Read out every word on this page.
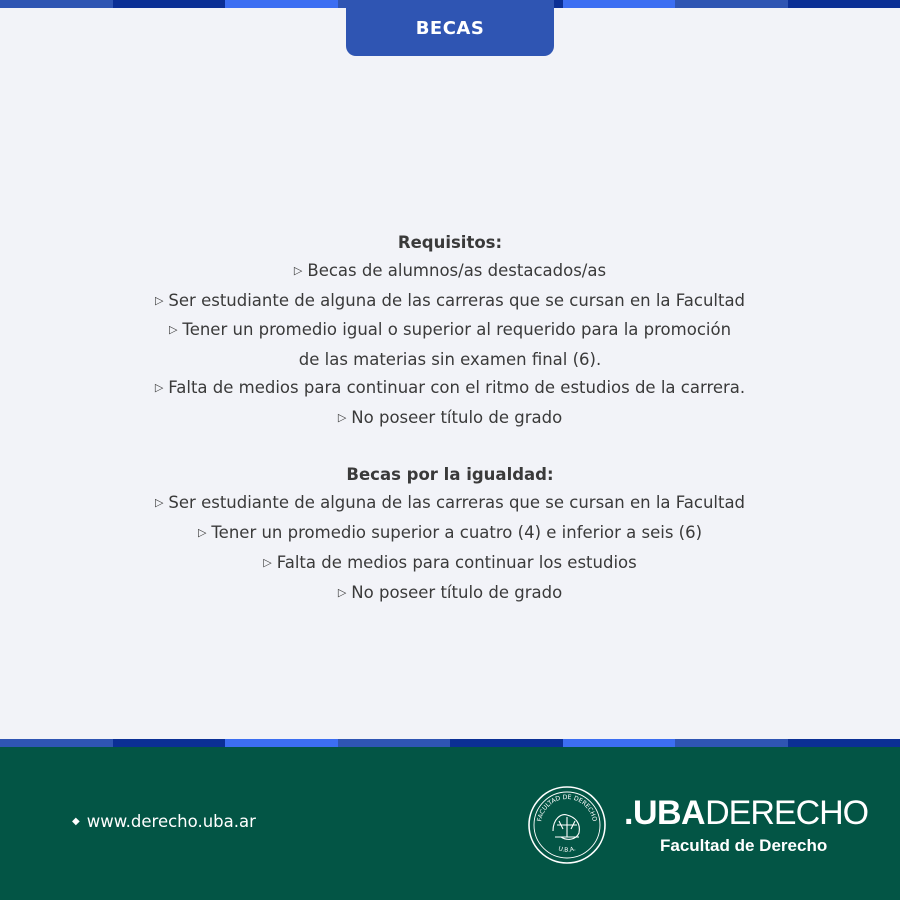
BECAS
Requisitos:
▷ Becas de alumnos/as destacados/as
▷ Ser estudiante de alguna de las carreras que se cursan en la Facultad
▷ Tener un promedio igual o superior al requerido para la promoción
de las materias sin examen final (6).
▷ Falta de medios para continuar con el ritmo de estudios de la carrera.
▷ No poseer título de grado
Becas por la igualdad:
▷ Ser estudiante de alguna de las carreras que se cursan en la Facultad
▷ Tener un promedio superior a cuatro (4) e inferior a seis (6)
▷ Falta de medios para continuar los estudios
▷ No poseer título de grado
◆ www.derecho.uba.ar	FACULTAD DE DERECHO
U.B.A.
.UBADERECHO
Facultad de Derecho
